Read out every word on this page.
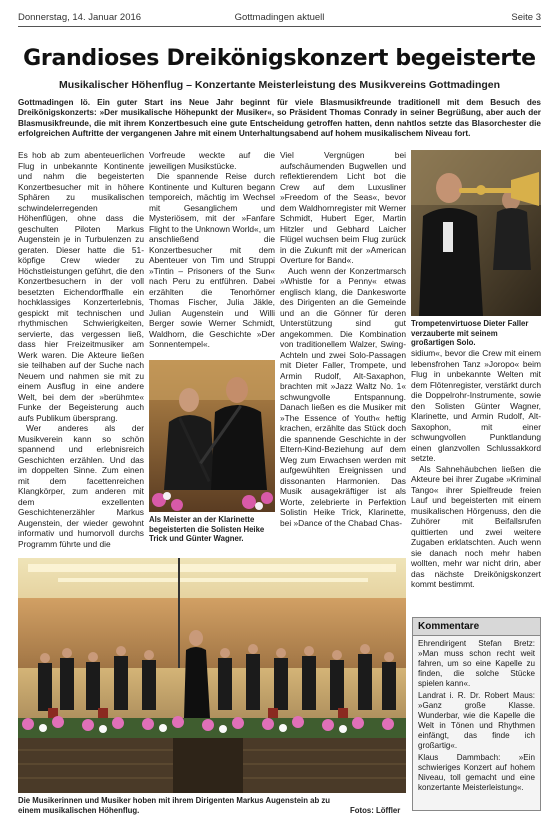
Donnerstag, 14. Januar 2016	Gottmadingen aktuell	Seite 3
Grandioses Dreikönigskonzert begeisterte
Musikalischer Höhenflug – Konzertante Meisterleistung des Musikvereins Gottmadingen

Gottmadingen lö. Ein guter Start ins Neue Jahr beginnt für viele Blasmusikfreunde traditionell mit dem Besuch des Dreikönigskonzerts: »Der musikalische Höhepunkt der Musiker«, so Präsident Thomas Conrady in seiner Begrüßung, aber auch der Blasmusikfreunde, die mit ihrem Konzertbesuch eine gute Entscheidung getroffen hatten, denn nahtlos setzte das Blasorchester die erfolgreichen Auftritte der vergangenen Jahre mit einem Unterhaltungsabend auf hohem musikalischem Niveau fort.

Es hob ab zum abenteuerlichen Flug in unbekannte Kontinente und nahm die begeisterten Konzertbesucher mit in höhere Sphären zu musikalischen schwindelerregenden Höhenflügen, ohne dass die geschulten Piloten Markus Augenstein je in Turbulenzen zu geraten. Dieser hatte die 51-köpfige Crew wieder zu Höchstleistungen geführt, die den Konzertbesuchern in der voll besetzten Eichendorffhalle ein hochklassiges Konzerterlebnis, gespickt mit technischen und rhythmischen Schwierigkeiten, servierte, das vergessen ließ, dass hier Freizeitmusiker am Werk waren. Die Akteure ließen sie teilhaben auf der Suche nach Neuem und nahmen sie mit zu einem Ausflug in eine andere Welt, bei dem der »berühmte« Funke der Begeisterung auch aufs Publikum übersprang.

Wer anderes als der Musikverein kann so schön spannend und erlebnisreich Geschichten erzählen. Und das im doppelten Sinne. Zum einen mit dem facettenreichen Klangkörper, zum anderen mit dem exzellenten Geschichtenerzähler Markus Augenstein, der wieder gewohnt informativ und humorvoll durchs Programm führte und die

Vorfreude weckte auf die jeweiligen Musikstücke.

Die spannende Reise durch Kontinente und Kulturen begann temporeich, mächtig im Wechsel mit Gesanglichem und Mysteriösem, mit der »Fanfare Flight to the Unknown World«, um anschließend die Konzertbesucher mit dem Abenteuer von Tim und Struppi »Tintin – Prisoners of the Sun« nach Peru zu entführen. Dabei erzählten die Tenorhörner Thomas Fischer, Julia Jäkle, Julian Augenstein und Willi Berger sowie Werner Schmidt, Waldhorn, die Geschichte »Der Sonnentempel«.

Als Meister an der Klarinette begeisterten die Solisten Heike Trick und Günter Wagner.

Viel Vergnügen bei aufschäumenden Bugwellen und reflektierendem Licht bot die Crew auf dem Luxusliner »Freedom of the Seas«, bevor dem Waldhornregister mit Werner Schmidt, Hubert Eger, Martin Hitzler und Gebhard Laicher Flügel wuchsen beim Flug zurück in die Zukunft mit der »American Overture for Band«.

Auch wenn der Konzertmarsch »Whistle for a Penny« etwas englisch klang, die Dankesworte des Dirigenten an die Gemeinde und an die Gönner für deren Unterstützung sind gut angekommen. Die Kombination von traditionellem Walzer, Swing-Achteln und zwei Solo-Passagen mit Dieter Faller, Trompete, und Armin Rudolf, Alt-Saxaphon, brachten mit »Jazz Waltz No. 1« schwungvolle Entspannung. Danach ließen es die Musiker mit »The Essence of Youth« heftig krachen, erzählte das Stück doch die spannende Geschichte in der Eltern-Kind-Beziehung auf dem Weg zum Erwachsen werden mit aufgewühlten Ereignissen und dissonanten Harmonien. Das Musik ausagekräftiger ist als Worte, zelebrierte in Perfektion Solistin Heike Trick, Klarinette, bei »Dance of the Chabad Chas-

Trompetenvirtuose Dieter Faller verzauberte mit seinem großartigen Solo.

sidium«, bevor die Crew mit einem lebensfrohen Tanz »Joropo« beim Flug in unbekannte Welten mit dem Flötenregister, verstärkt durch die Doppelrohr-Instrumente, sowie den Solisten Günter Wagner, Klarinette, und Armin Rudolf, Alt-Saxophon, mit einer schwungvollen Punktlandung einen glanzvollen Schlussakkord setzte.

Als Sahnehäubchen ließen die Akteure bei ihrer Zugabe »Kriminal Tango« ihrer Spielfreude freien Lauf und begeisterten mit einem musikalischen Hörgenuss, den die Zuhörer mit Beifallsrufen quittierten und zwei weitere Zugaben erklatschten. Auch wenn sie danach noch mehr haben wollten, mehr war nicht drin, aber das nächste Dreikönigskonzert kommt bestimmt.

Die Musikerinnen und Musiker hoben mit ihrem Dirigenten Markus Augenstein ab zu einem musikalischen Höhenflug.	Fotos: Löffler
Kommentare

Ehrendirigent Stefan Bretz: »Man muss schon recht weit fahren, um so eine Kapelle zu finden, die solche Stücke spielen kann«.

Landrat i. R. Dr. Robert Maus: »Ganz große Klasse. Wunderbar, wie die Kapelle die Welt in Tönen und Rhythmen einfängt, das finde ich großartig«.

Klaus Dammbach: »Ein schwieriges Konzert auf hohem Niveau, toll gemacht und eine konzertante Meisterleistung«.
